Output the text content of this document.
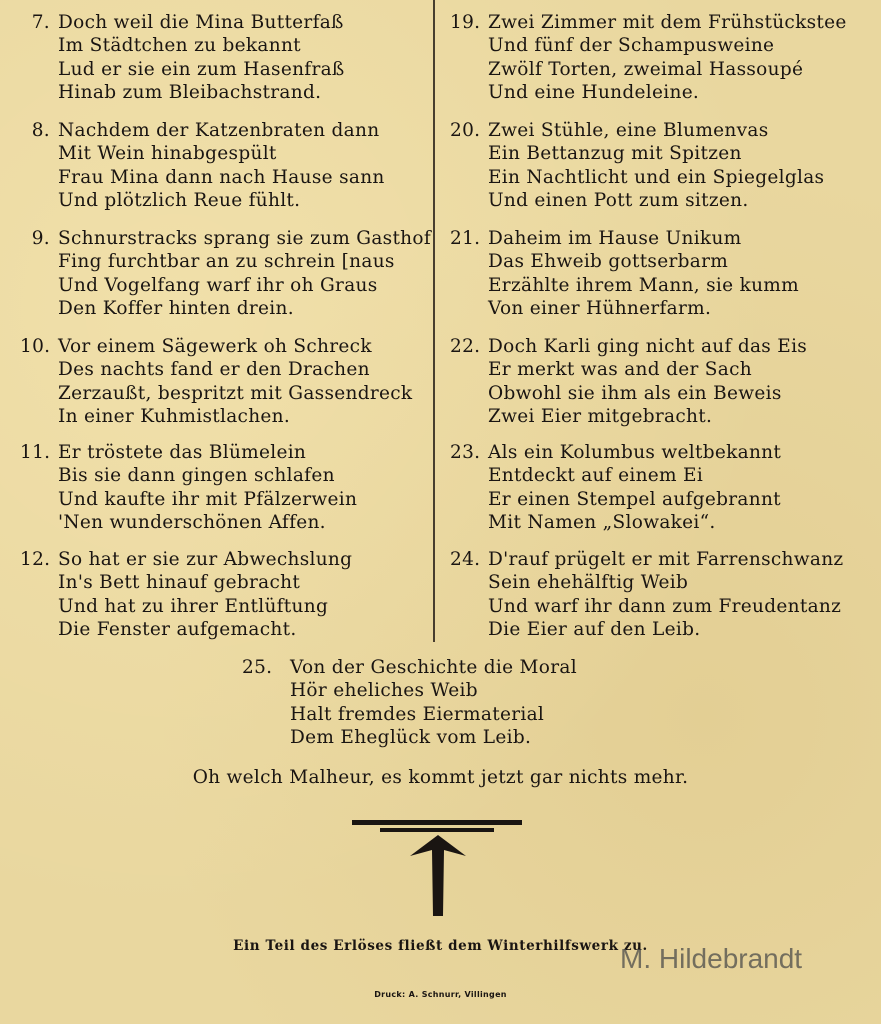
7. Doch weil die Mina Butterfaß
Im Städtchen zu bekannt
Lud er sie ein zum Hasenfraß
Hinab zum Bleibachstrand.
8. Nachdem der Katzenbraten dann
Mit Wein hinabgespült
Frau Mina dann nach Hause sann
Und plötzlich Reue fühlt.
9. Schnurstracks sprang sie zum Gasthof
Fing furchtbar an zu schrein [naus
Und Vogelfang warf ihr oh Graus
Den Koffer hinten drein.
10. Vor einem Sägewerk oh Schreck
Des nachts fand er den Drachen
Zerzaußt, bespritzt mit Gassendreck
In einer Kuhmistlachen.
11. Er tröstete das Blümelein
Bis sie dann gingen schlafen
Und kaufte ihr mit Pfälzerwein
'Nen wunderschönen Affen.
12. So hat er sie zur Abwechslung
In's Bett hinauf gebracht
Und hat zu ihrer Entlüftung
Die Fenster aufgemacht.
19. Zwei Zimmer mit dem Frühstückstee
Und fünf der Schampusweine
Zwölf Torten, zweimal Hassoupé
Und eine Hundeleine.
20. Zwei Stühle, eine Blumenvas
Ein Bettanzug mit Spitzen
Ein Nachtlicht und ein Spiegelglas
Und einen Pott zum sitzen.
21. Daheim im Hause Unikum
Das Ehweib gottserbarm
Erzählte ihrem Mann, sie kumm
Von einer Hühnerfarm.
22. Doch Karli ging nicht auf das Eis
Er merkt was and der Sach
Obwohl sie ihm als ein Beweis
Zwei Eier mitgebracht.
23. Als ein Kolumbus weltbekannt
Entdeckt auf einem Ei
Er einen Stempel aufgebrannt
Mit Namen „Slowakei“.
24. D'rauf prügelt er mit Farrenschwanz
Sein ehehälftig Weib
Und warf ihr dann zum Freudentanz
Die Eier auf den Leib.
25. Von der Geschichte die Moral
Hör eheliches Weib
Halt fremdes Eiermaterial
Dem Eheglück vom Leib.
Oh welch Malheur, es kommt jetzt gar nichts mehr.
Ein Teil des Erlöses fließt dem Winterhilfswerk zu.
Druck: A. Schnurr, Villingen
M. Hildebrandt
